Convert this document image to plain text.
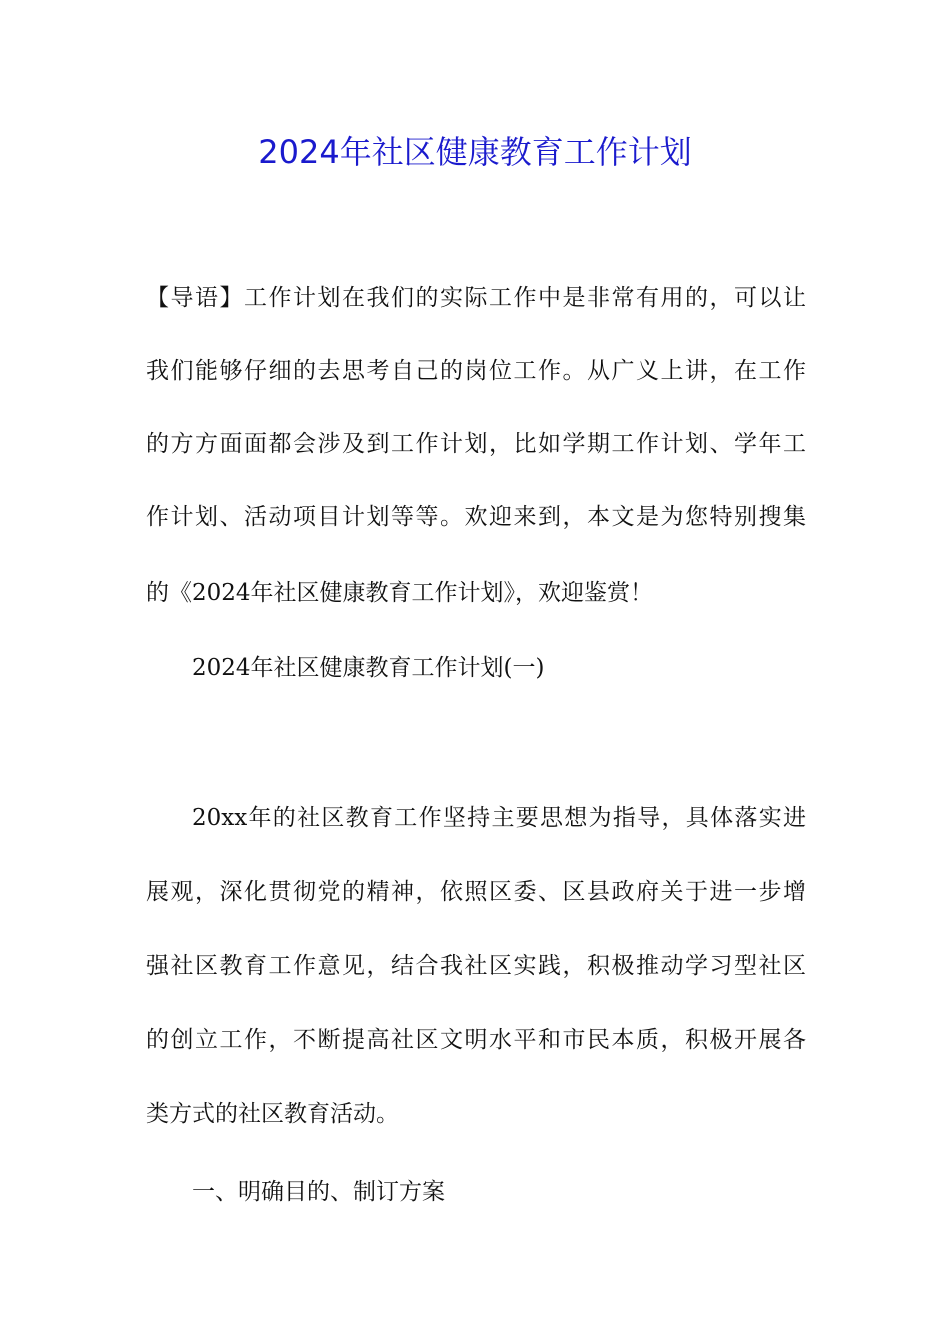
2024年社区健康教育工作计划
【导语】工作计划在我们的实际工作中是非常有用的，可以让
我们能够仔细的去思考自己的岗位工作。从广义上讲，在工作
的方方面面都会涉及到工作计划，比如学期工作计划、学年工
作计划、活动项目计划等等。欢迎来到，本文是为您特别搜集
的《2024年社区健康教育工作计划》，欢迎鉴赏！
2024年社区健康教育工作计划(一)
20xx年的社区教育工作坚持主要思想为指导，具体落实进
展观，深化贯彻党的精神，依照区委、区县政府关于进一步增
强社区教育工作意见，结合我社区实践，积极推动学习型社区
的创立工作，不断提高社区文明水平和市民本质，积极开展各
类方式的社区教育活动。
一、明确目的、制订方案
